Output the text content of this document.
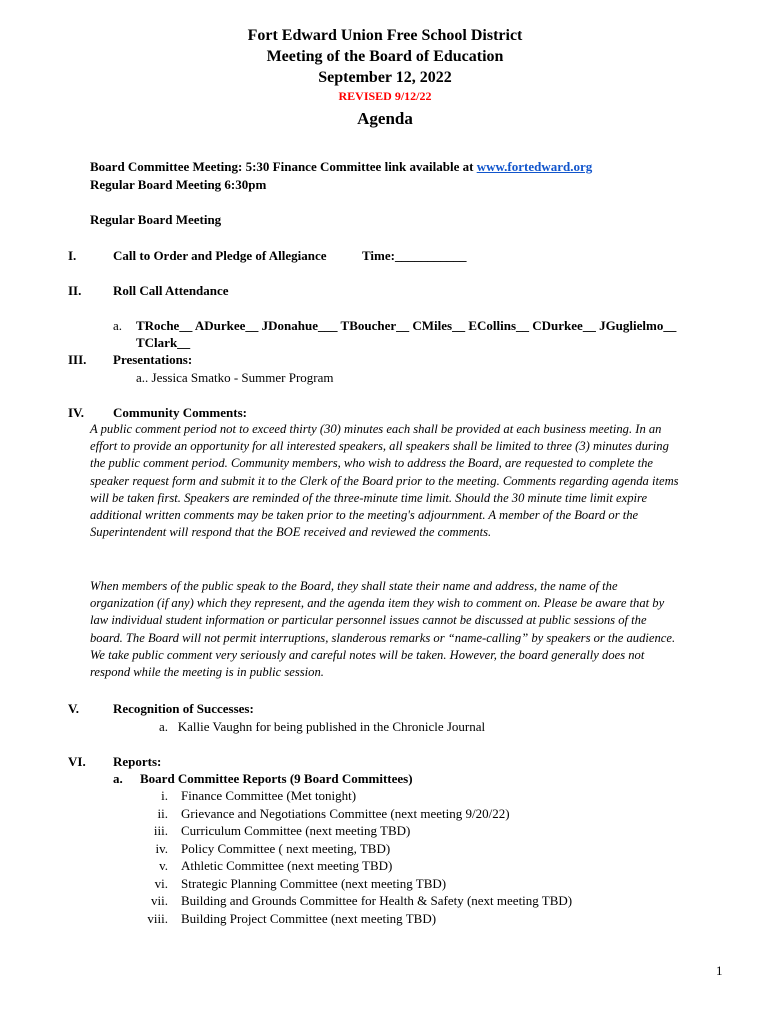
Fort Edward Union Free School District
Meeting of the Board of Education
September 12, 2022
REVISED 9/12/22
Agenda
Board Committee Meeting: 5:30 Finance Committee link available at www.fortedward.org
Regular Board Meeting 6:30pm
Regular Board Meeting
I.	Call to Order and Pledge of Allegiance	Time:___________
II. Roll Call Attendance
a. TRoche__ ADurkee__ JDonahue___ TBoucher__ CMiles__ ECollins__ CDurkee__ JGuglielmo__
TClark__
III. Presentations:
a.. Jessica Smatko - Summer Program
IV. Community Comments:
A public comment period not to exceed thirty (30) minutes each shall be provided at each business meeting. In an effort to provide an opportunity for all interested speakers, all speakers shall be limited to three (3) minutes during the public comment period. Community members, who wish to address the Board, are requested to complete the speaker request form and submit it to the Clerk of the Board prior to the meeting. Comments regarding agenda items will be taken first. Speakers are reminded of the three-minute time limit. Should the 30 minute time limit expire additional written comments may be taken prior to the meeting's adjournment. A member of the Board or the Superintendent will respond that the BOE received and reviewed the comments.
When members of the public speak to the Board, they shall state their name and address, the name of the organization (if any) which they represent, and the agenda item they wish to comment on. Please be aware that by law individual student information or particular personnel issues cannot be discussed at public sessions of the board. The Board will not permit interruptions, slanderous remarks or “name-calling” by speakers or the audience. We take public comment very seriously and careful notes will be taken. However, the board generally does not respond while the meeting is in public session.
V.	Recognition of Successes:
a.   Kallie Vaughn for being published in the Chronicle Journal
VI. Reports:
a. Board Committee Reports (9 Board Committees)
i. Finance Committee (Met tonight)
ii. Grievance and Negotiations Committee (next meeting 9/20/22)
iii. Curriculum Committee (next meeting TBD)
iv. Policy Committee ( next meeting, TBD)
v. Athletic Committee (next meeting TBD)
vi. Strategic Planning Committee (next meeting TBD)
vii. Building and Grounds Committee for Health & Safety (next meeting TBD)
viii. Building Project Committee (next meeting TBD)
1
